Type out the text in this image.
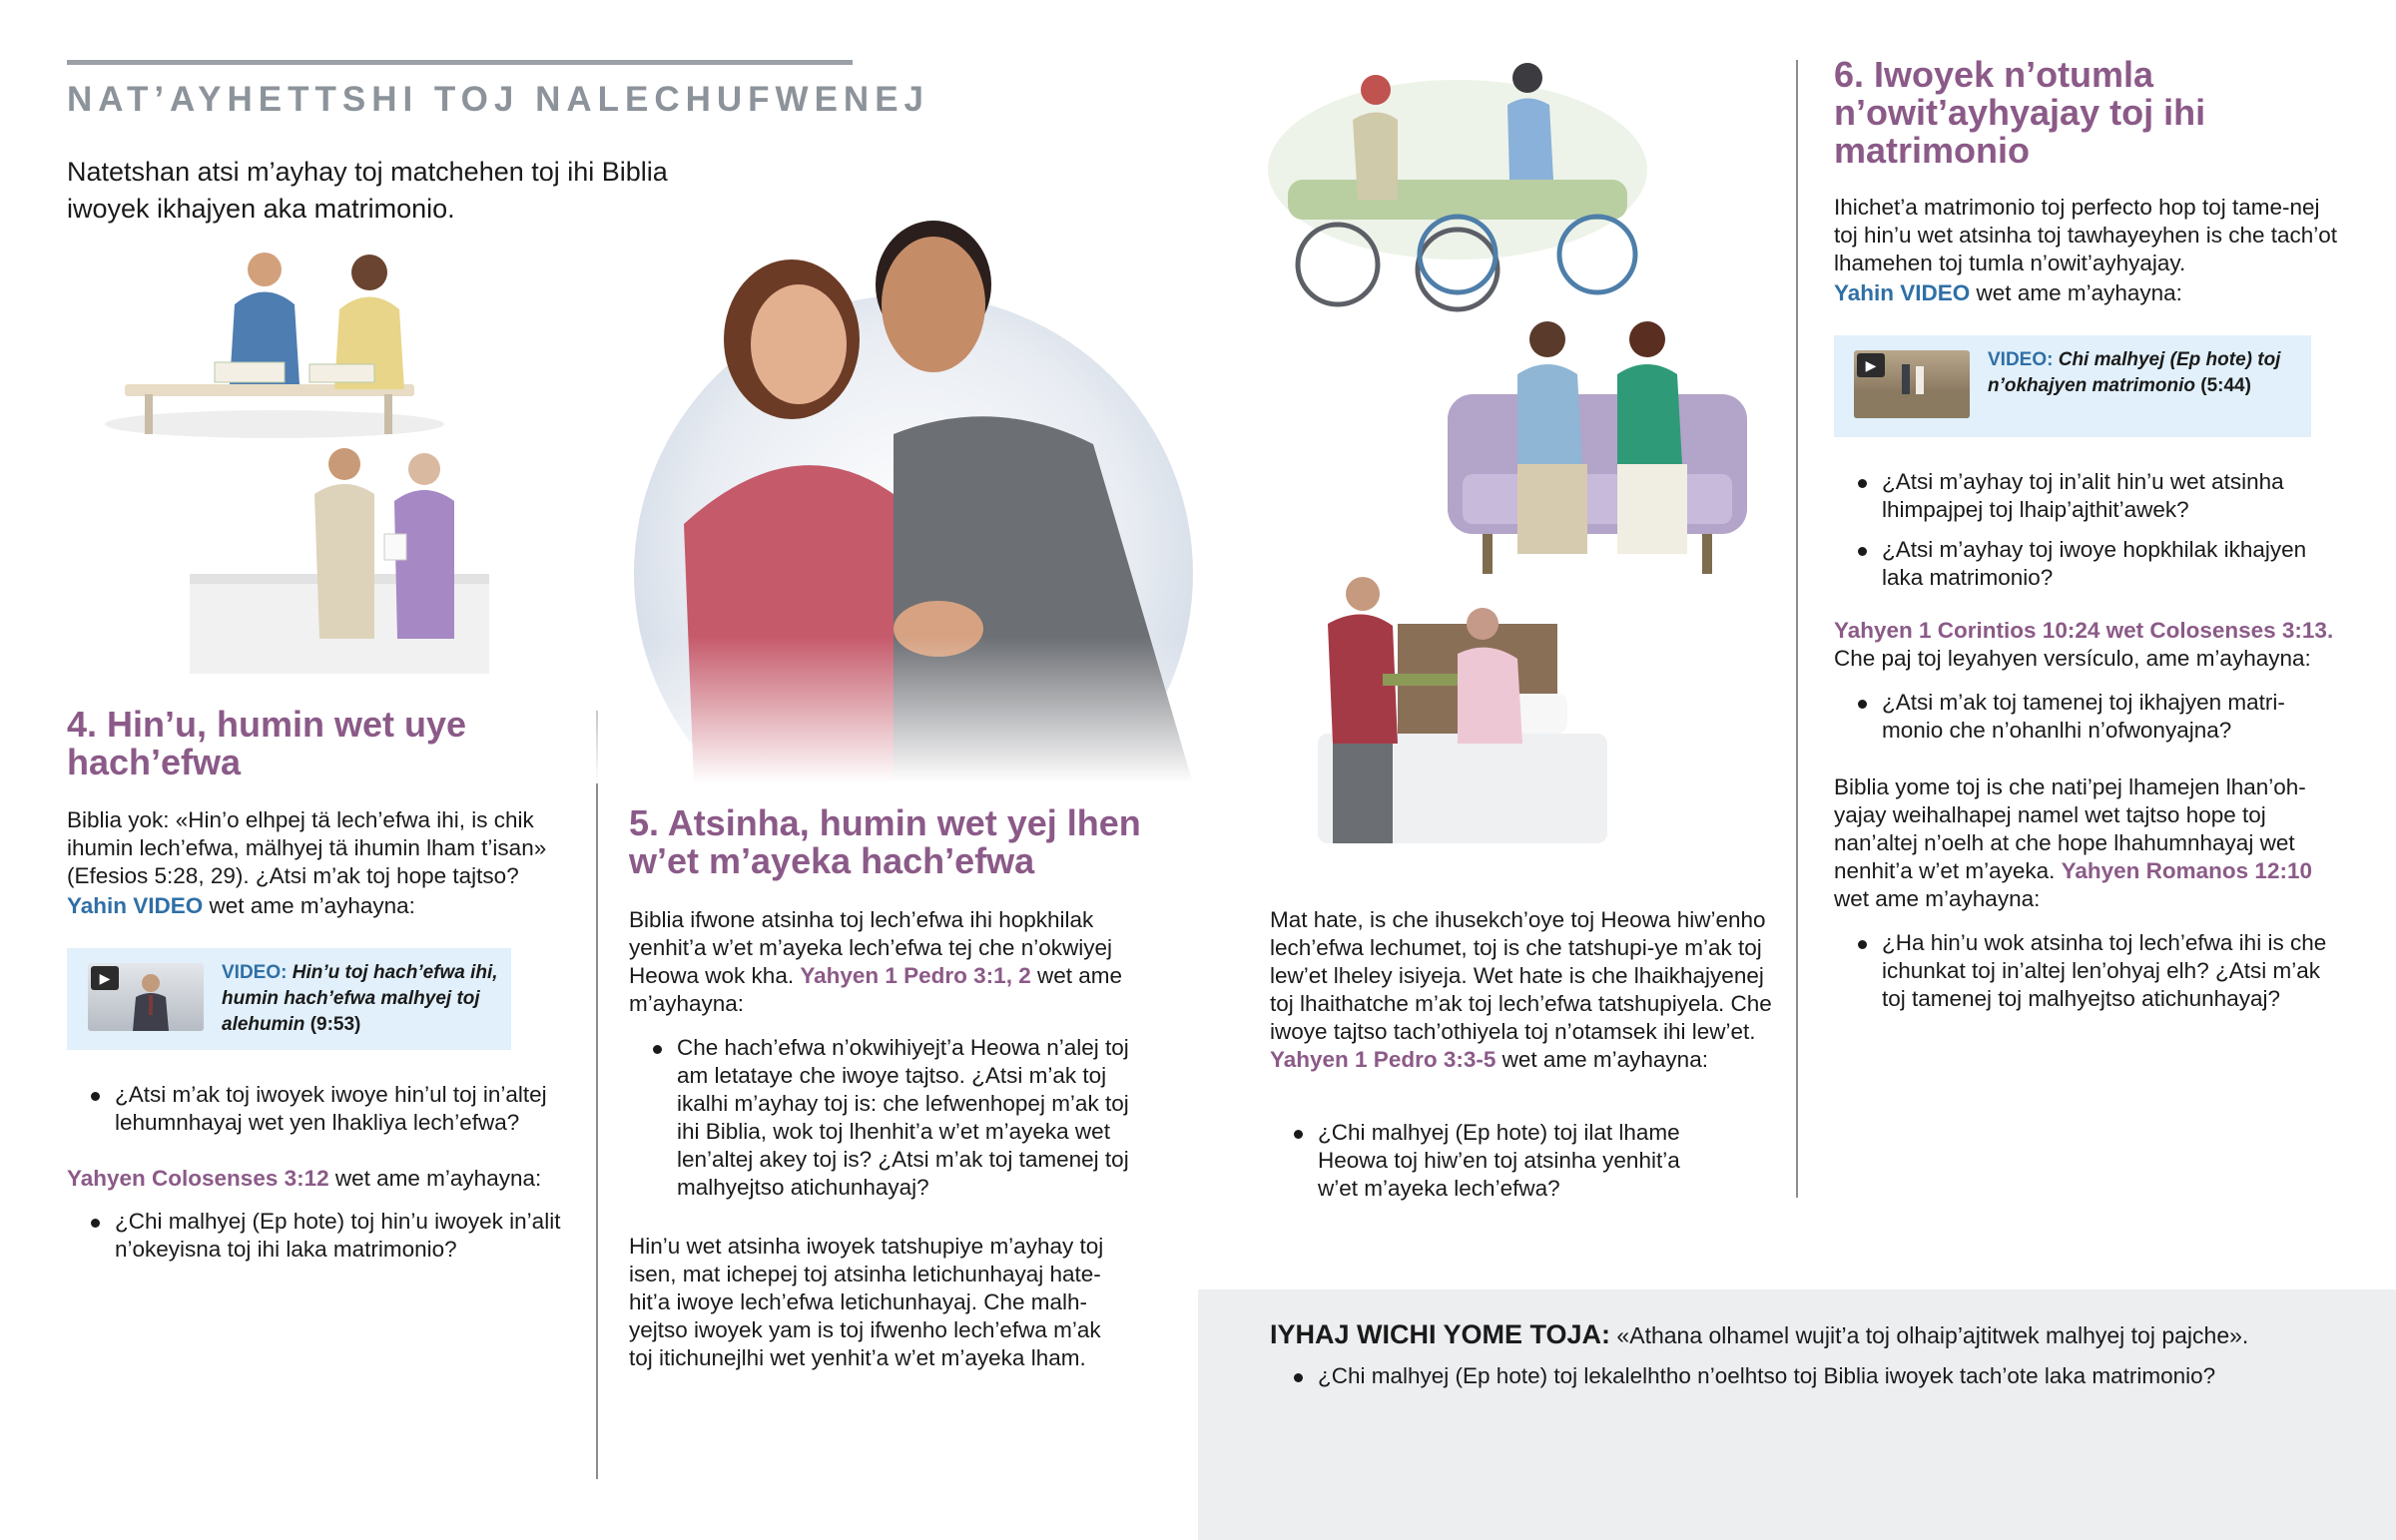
NAT’AYHETTSHI TOJ NALECHUFWENEJ
Natetshan atsi m’ayhay toj matchehen toj ihi Biblia iwoyek ikhajyen aka matrimonio.
4. Hin’u, humin wet uye hach’efwa
Biblia yok: «Hin’o elhpej tä lech’efwa ihi, is chik ihumin lech’efwa, mälhyej tä ihumin lham t’isan» (Efesios 5:28, 29). ¿Atsi m’ak toj hope tajtso?
Yahin VIDEO wet ame m’ayhayna:
▶	VIDEO: Hin’u toj hach’efwa ihi, humin hach’efwa malhyej toj alehumin (9:53)
¿Atsi m’ak toj iwoyek iwoye hin’ul toj in’altej lehumnhayaj wet yen lhakliya lech’efwa?
Yahyen Colosenses 3:12 wet ame m’ayhayna:
¿Chi malhyej (Ep hote) toj hin’u iwoyek in’alit n’okeyisna toj ihi laka matrimonio?
5. Atsinha, humin wet yej lhen w’et m’ayeka hach’efwa
Biblia ifwone atsinha toj lech’efwa ihi hopkhilak yenhit’a w’et m’ayeka lech’efwa tej che n’okwiyej Heowa wok kha. Yahyen 1 Pedro 3:1, 2 wet ame m’ayhayna:
Che hach’efwa n’okwihiyejt’a Heowa n’alej toj am letataye che iwoye tajtso. ¿Atsi m’ak toj ikalhi m’ayhay toj is: che lefwenhopej m’ak toj ihi Biblia, wok toj lhenhit’a w’et m’ayeka wet len’altej akey toj is? ¿Atsi m’ak toj tamenej toj malhyejtso atichunhayaj?
Hin’u wet atsinha iwoyek tatshupiye m’ayhay toj isen, mat ichepej toj atsinha letichunhayaj hate-hit’a iwoye lech’efwa letichunhayaj. Che malh-yejtso iwoyek yam is toj ifwenho lech’efwa m’ak toj itichunejlhi wet yenhit’a w’et m’ayeka lham.
Mat hate, is che ihusekch’oye toj Heowa hiw’enho lech’efwa lechumet, toj is che tatshupi-ye m’ak toj lew’et lheley isiyeja. Wet hate is che lhaikhajyenej toj lhaithatche m’ak toj lech’efwa tatshupiyela. Che iwoye tajtso tach’othiyela toj n’otamsek ihi lew’et. Yahyen 1 Pedro 3:3-5 wet ame m’ayhayna:
¿Chi malhyej (Ep hote) toj ilat lhame Heowa toj hiw’en toj atsinha yenhit’a w’et m’ayeka lech’efwa?
6. Iwoyek n’otumla n’owit’ayhyajay toj ihi matrimonio
Ihichet’a matrimonio toj perfecto hop toj tame-nej toj hin’u wet atsinha toj tawhayeyhen is che tach’ot lhamehen toj tumla n’owit’ayhyajay.
Yahin VIDEO wet ame m’ayhayna:
▶	VIDEO: Chi malhyej (Ep hote) toj n’okhajyen matrimonio (5:44)
¿Atsi m’ayhay toj in’alit hin’u wet atsinha lhimpajpej toj lhaip’ajthit’awek?
¿Atsi m’ayhay toj iwoye hopkhilak ikhajyen laka matrimonio?
Yahyen 1 Corintios 10:24 wet Colosenses 3:13.
Che paj toj leyahyen versículo, ame m’ayhayna:
¿Atsi m’ak toj tamenej toj ikhajyen matri-monio che n’ohanlhi n’ofwonyajna?
Biblia yome toj is che nati’pej lhamejen lhan’oh-yajay weihalhapej namel wet tajtso hope toj nan’altej n’oelh at che hope lhahumnhayaj wet nenhit’a w’et m’ayeka. Yahyen Romanos 12:10 wet ame m’ayhayna:
¿Ha hin’u wok atsinha toj lech’efwa ihi is che ichunkat toj in’altej len’ohyaj elh? ¿Atsi m’ak toj tamenej toj malhyejtso atichunhayaj?
IYHAJ WICHI YOME TOJA: «Athana olhamel wujit’a toj olhaip’ajtitwek malhyej toj pajche».
¿Chi malhyej (Ep hote) toj lekalelhtho n’oelhtso toj Biblia iwoyek tach’ote laka matrimonio?
